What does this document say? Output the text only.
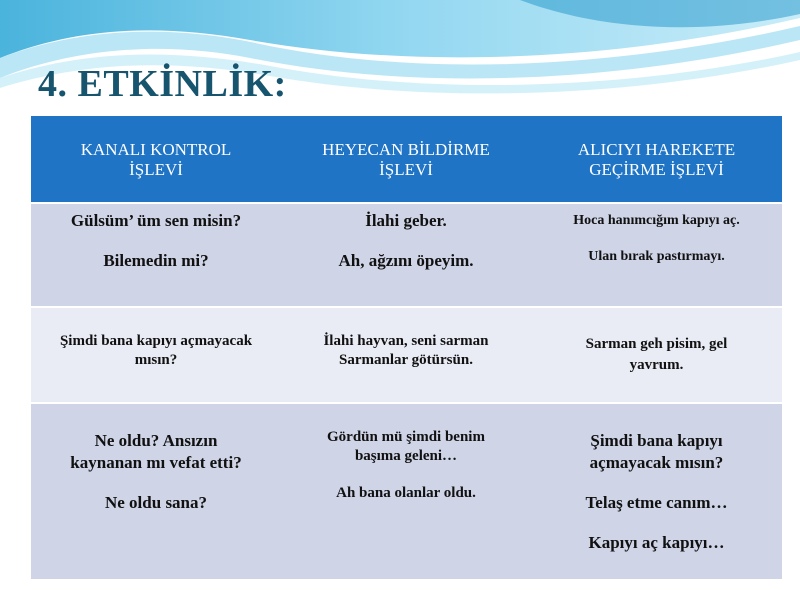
4. ETKİNLİK:
KANALI KONTROL
İŞLEVİ
HEYECAN BİLDİRME
İŞLEVİ
ALICIYI HAREKETE
GEÇİRME İŞLEVİ
Gülsüm’ üm sen misin?
Bilemedin mi?
İlahi geber.
Ah, ağzını öpeyim.
Hoca hanımcığım kapıyı aç.
Ulan bırak pastırmayı.
Şimdi bana kapıyı açmayacak
mısın?
İlahi hayvan, seni sarman
Sarmanlar götürsün.
Sarman geh pisim, gel
yavrum.
Ne oldu? Ansızın
kaynanan mı vefat etti?
Ne oldu sana?
Gördün mü şimdi benim
başıma geleni…
Ah bana olanlar oldu.
Şimdi bana kapıyı
açmayacak mısın?
Telaş etme canım…
Kapıyı aç kapıyı…
